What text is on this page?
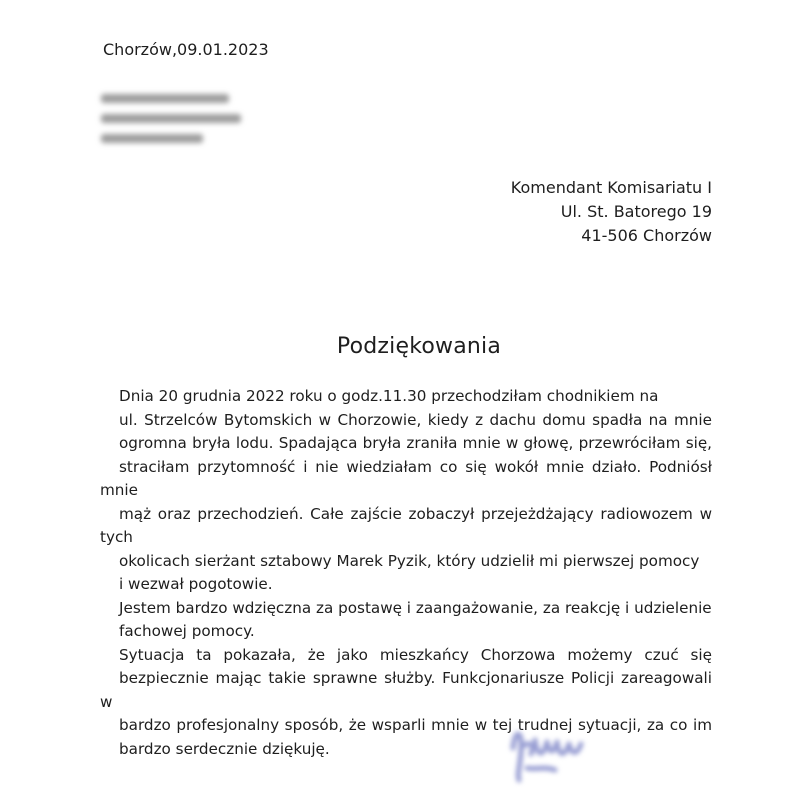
Chorzów,09.01.2023
Komendant Komisariatu I
Ul. St. Batorego 19
41-506 Chorzów
Podziękowania

Dnia 20 grudnia 2022 roku o godz.11.30 przechodziłam chodnikiem na
ul. Strzelców Bytomskich w Chorzowie, kiedy z dachu domu spadła na mnie
ogromna bryła lodu. Spadająca bryła zraniła mnie w głowę, przewróciłam się,
straciłam przytomność i nie wiedziałam co się wokół mnie działo. Podniósł mnie
mąż oraz przechodzień. Całe zajście zobaczył przejeżdżający radiowozem w tych
okolicach sierżant sztabowy Marek Pyzik, który udzielił mi pierwszej pomocy
i wezwał pogotowie.

Jestem bardzo wdzięczna za postawę i zaangażowanie, za reakcję i udzielenie
fachowej pomocy.

Sytuacja ta pokazała, że jako mieszkańcy Chorzowa możemy czuć się
bezpiecznie mając takie sprawne służby. Funkcjonariusze Policji zareagowali w
bardzo profesjonalny sposób, że wsparli mnie w tej trudnej sytuacji, za co im
bardzo serdecznie dziękuję.
